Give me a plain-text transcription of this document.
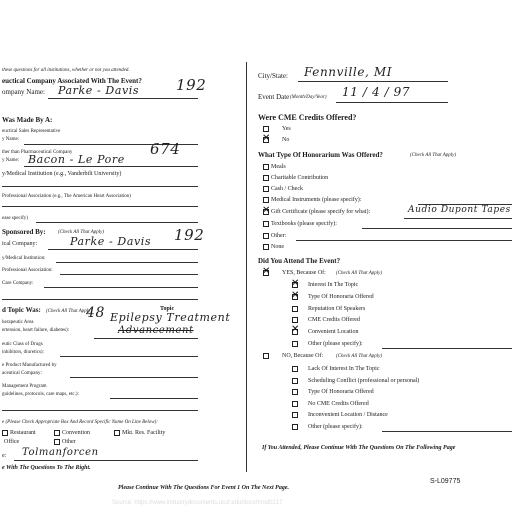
these questions for all institutions, whether or not you attended.
euctical Company Associated With The Event?
ompany Name: Parke - Davis 192
Was Made By A:
euctical Sales Representative
y Name:
ther than Pharmaceutical Company
y Name: Bacon - Le Pore
674
y/Medical Institution (e.g., Vanderbilt University)
Professional Association (e.g., The American Heart Association)
ease specify)
Sponsored By: (Check All That Apply)
ical Company:	Parke - Davis 192
y/Medical Institution:
Professional Association:
Care Company:
d Topic Was: (Check All That Apply)	Topic
herapeutic Area
ertension, heart failure, diabetes):
48 Epilepsy Treatment
Advancement
eutic Class of Drugs
inhibitors, diuretics):
e Product Manufactured by
aceutical Company:
Management Program
guidelines, protocols, care maps, etc.):
e (Please Check Appropriate Box And Record Specific Name On Line Below):
Restaurant	Convention	Mkt. Res. Facility
Office	Other
e: Tolmanforcen
e With The Questions To The Right.
City/State: Fennville, MI
Event Date (Month/Day/Year) 11 / 4 / 97
Were CME Credits Offered?
Yes
✕ No
What Type Of Honorarium Was Offered?	(Check All That Apply)
Meals
Charitable Contribution
Cash / Check
Medical Instruments (please specify):
✕ Gift Certificate (please specify for what):	Audio Dupont Tapes
Textbooks (please specify):
Other:
None
Did You Attend The Event?
✕ YES, Because Of: (Check All That Apply)
✕ Interest In The Topic
✕ Type Of Honoraria Offered
Reputation Of Speakers
CME Credits Offered
✕ Convenient Location
Other (please specify):
NO, Because Of:	(Check All That Apply)
Lack Of Interest In The Topic
Scheduling Conflict (professional or personal)
Type Of Honoraria Offered
No CME Credits Offered
Inconvenient Location / Distance
Other (please specify):
If You Attended, Please Continue With The Questions On The Following Page
S-L09775
Please Continue With The Questions For Event 1 On The Next Page.
Source: https://www.industrydocuments.ucsf.edu/docs/hmd0217
